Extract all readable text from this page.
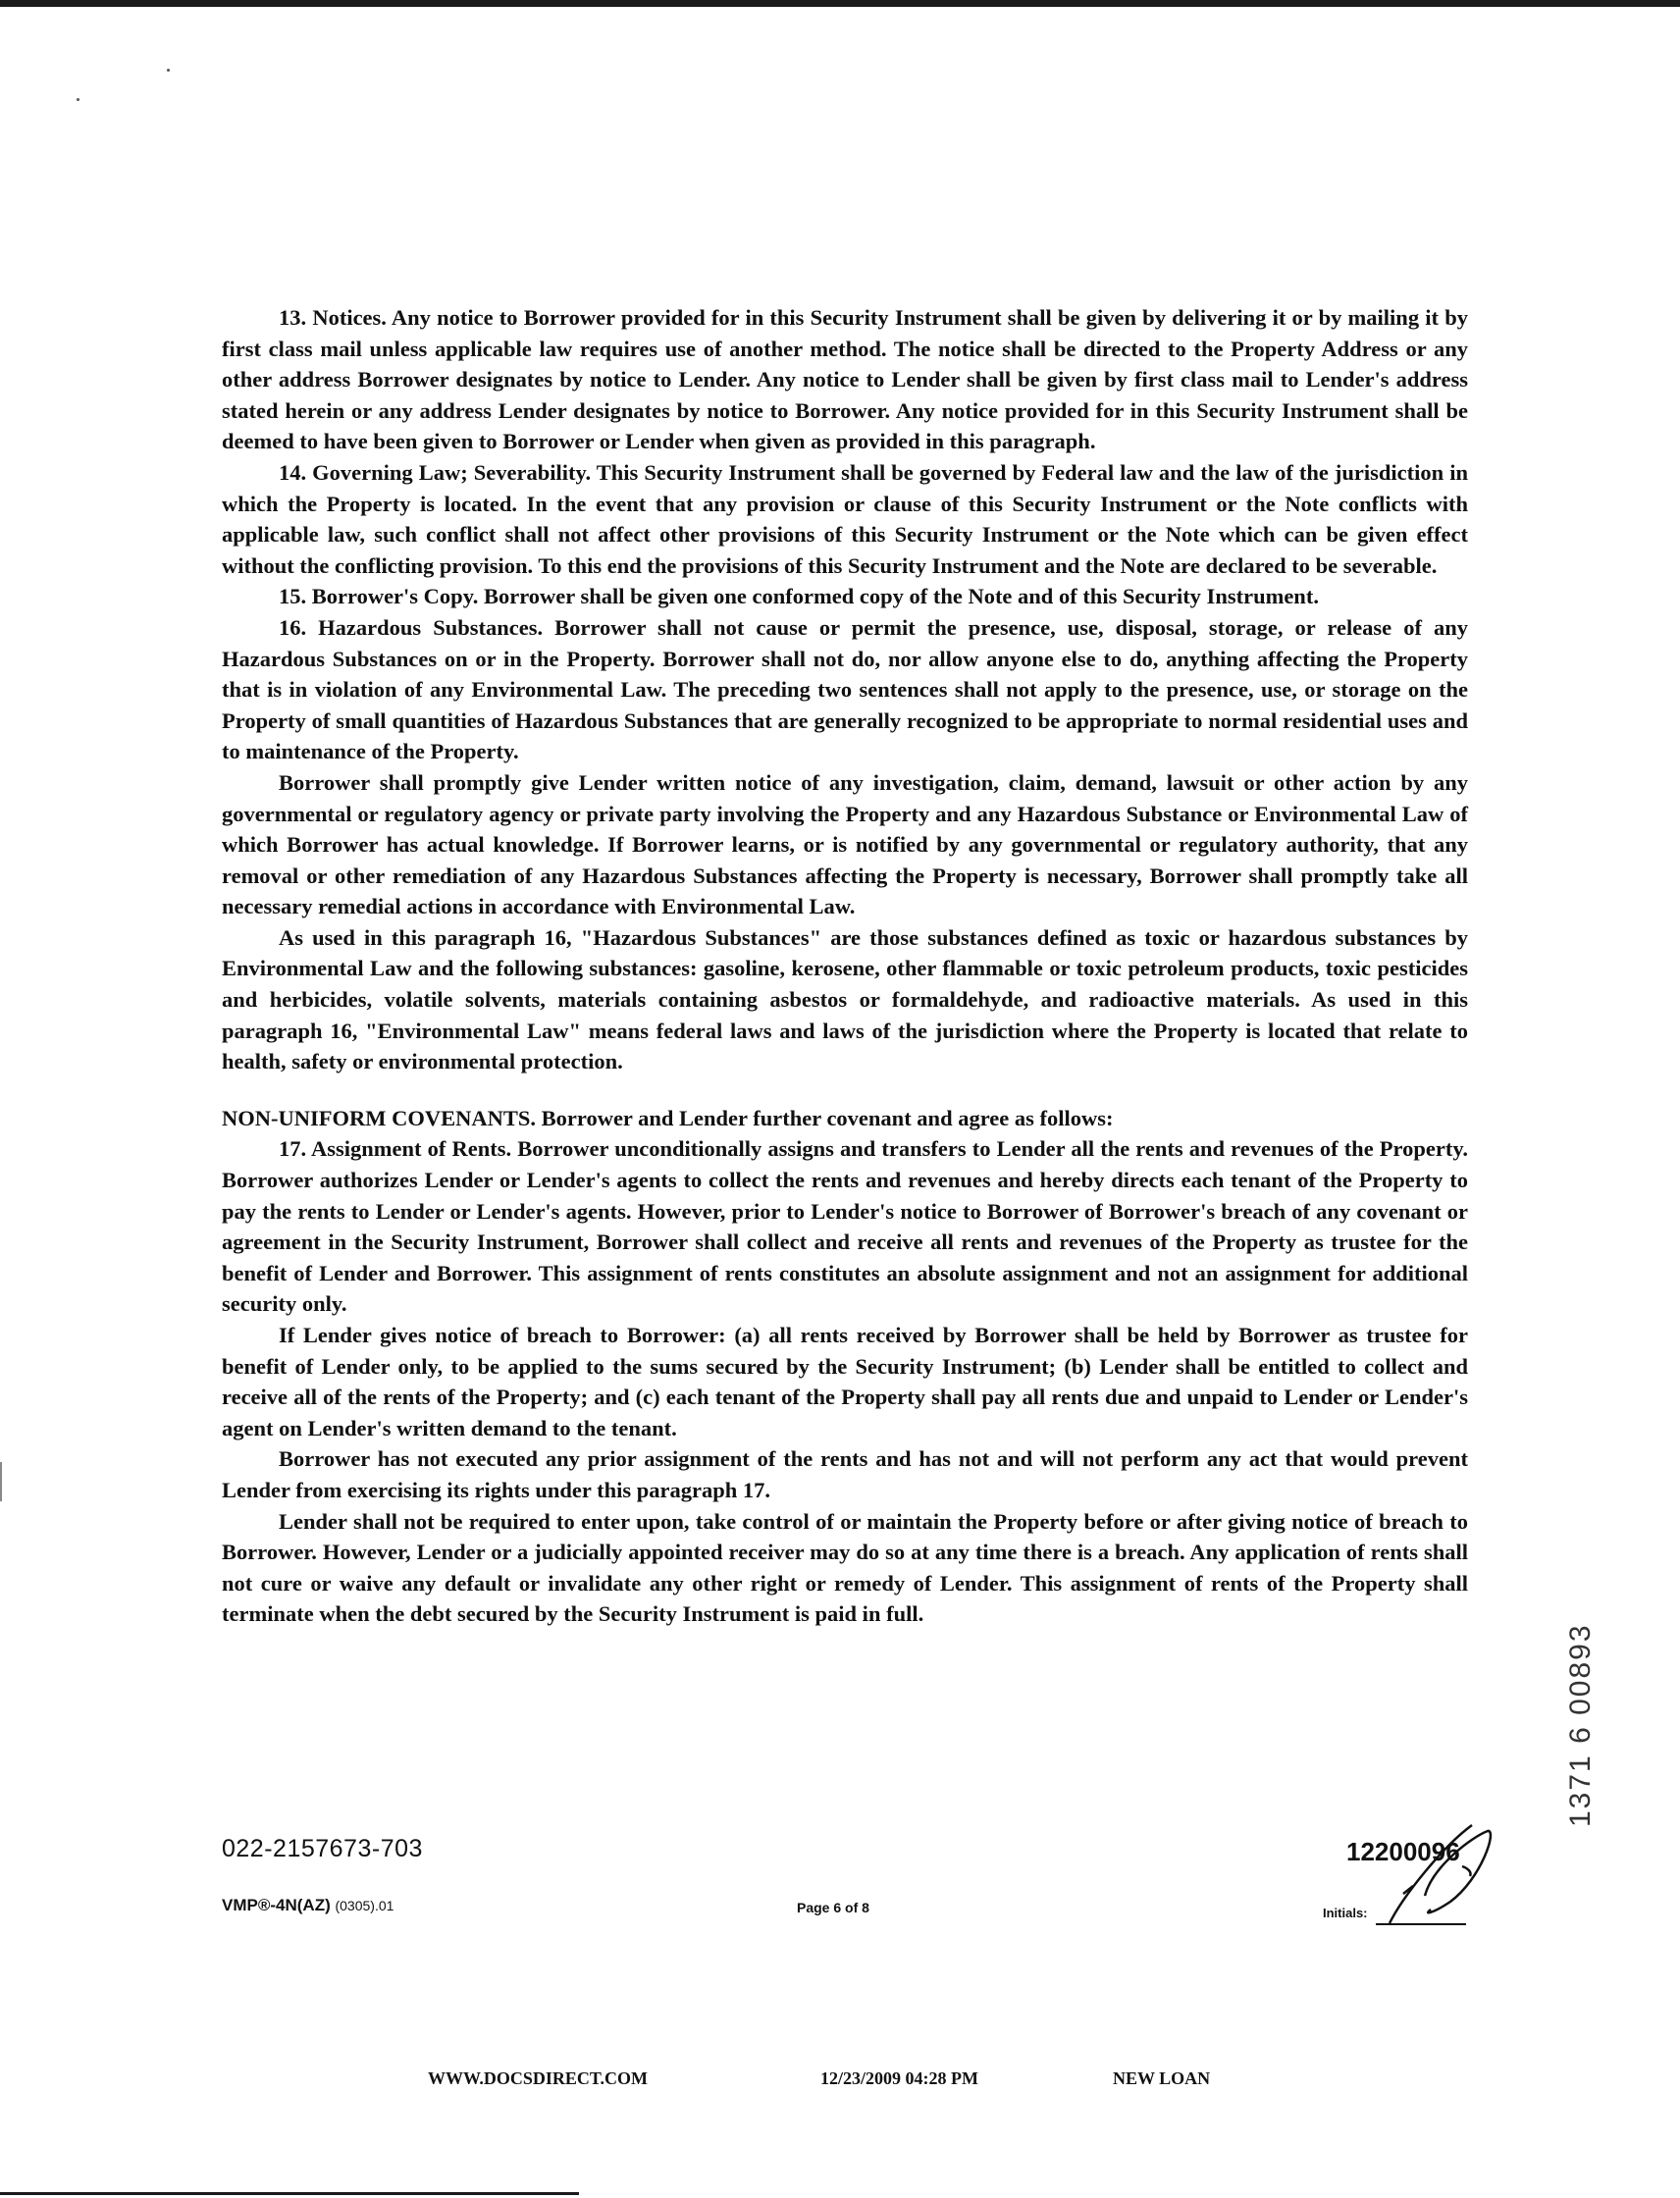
13. Notices. Any notice to Borrower provided for in this Security Instrument shall be given by delivering it or by mailing it by first class mail unless applicable law requires use of another method. The notice shall be directed to the Property Address or any other address Borrower designates by notice to Lender. Any notice to Lender shall be given by first class mail to Lender's address stated herein or any address Lender designates by notice to Borrower. Any notice provided for in this Security Instrument shall be deemed to have been given to Borrower or Lender when given as provided in this paragraph.

14. Governing Law; Severability. This Security Instrument shall be governed by Federal law and the law of the jurisdiction in which the Property is located. In the event that any provision or clause of this Security Instrument or the Note conflicts with applicable law, such conflict shall not affect other provisions of this Security Instrument or the Note which can be given effect without the conflicting provision. To this end the provisions of this Security Instrument and the Note are declared to be severable.

15. Borrower's Copy. Borrower shall be given one conformed copy of the Note and of this Security Instrument.

16. Hazardous Substances. Borrower shall not cause or permit the presence, use, disposal, storage, or release of any Hazardous Substances on or in the Property. Borrower shall not do, nor allow anyone else to do, anything affecting the Property that is in violation of any Environmental Law. The preceding two sentences shall not apply to the presence, use, or storage on the Property of small quantities of Hazardous Substances that are generally recognized to be appropriate to normal residential uses and to maintenance of the Property.

Borrower shall promptly give Lender written notice of any investigation, claim, demand, lawsuit or other action by any governmental or regulatory agency or private party involving the Property and any Hazardous Substance or Environmental Law of which Borrower has actual knowledge. If Borrower learns, or is notified by any governmental or regulatory authority, that any removal or other remediation of any Hazardous Substances affecting the Property is necessary, Borrower shall promptly take all necessary remedial actions in accordance with Environmental Law.

As used in this paragraph 16, "Hazardous Substances" are those substances defined as toxic or hazardous substances by Environmental Law and the following substances: gasoline, kerosene, other flammable or toxic petroleum products, toxic pesticides and herbicides, volatile solvents, materials containing asbestos or formaldehyde, and radioactive materials. As used in this paragraph 16, "Environmental Law" means federal laws and laws of the jurisdiction where the Property is located that relate to health, safety or environmental protection.

NON-UNIFORM COVENANTS. Borrower and Lender further covenant and agree as follows:

17. Assignment of Rents. Borrower unconditionally assigns and transfers to Lender all the rents and revenues of the Property. Borrower authorizes Lender or Lender's agents to collect the rents and revenues and hereby directs each tenant of the Property to pay the rents to Lender or Lender's agents. However, prior to Lender's notice to Borrower of Borrower's breach of any covenant or agreement in the Security Instrument, Borrower shall collect and receive all rents and revenues of the Property as trustee for the benefit of Lender and Borrower. This assignment of rents constitutes an absolute assignment and not an assignment for additional security only.

If Lender gives notice of breach to Borrower: (a) all rents received by Borrower shall be held by Borrower as trustee for benefit of Lender only, to be applied to the sums secured by the Security Instrument; (b) Lender shall be entitled to collect and receive all of the rents of the Property; and (c) each tenant of the Property shall pay all rents due and unpaid to Lender or Lender's agent on Lender's written demand to the tenant.

Borrower has not executed any prior assignment of the rents and has not and will not perform any act that would prevent Lender from exercising its rights under this paragraph 17.

Lender shall not be required to enter upon, take control of or maintain the Property before or after giving notice of breach to Borrower. However, Lender or a judicially appointed receiver may do so at any time there is a breach. Any application of rents shall not cure or waive any default or invalidate any other right or remedy of Lender. This assignment of rents of the Property shall terminate when the debt secured by the Security Instrument is paid in full.

022-2157673-703
VMP®-4N(AZ) (0305).01	Page 6 of 8
12200096
Initials:
1371 6 00893
WWW.DOCSDIRECT.COM	12/23/2009 04:28 PM	NEW LOAN
